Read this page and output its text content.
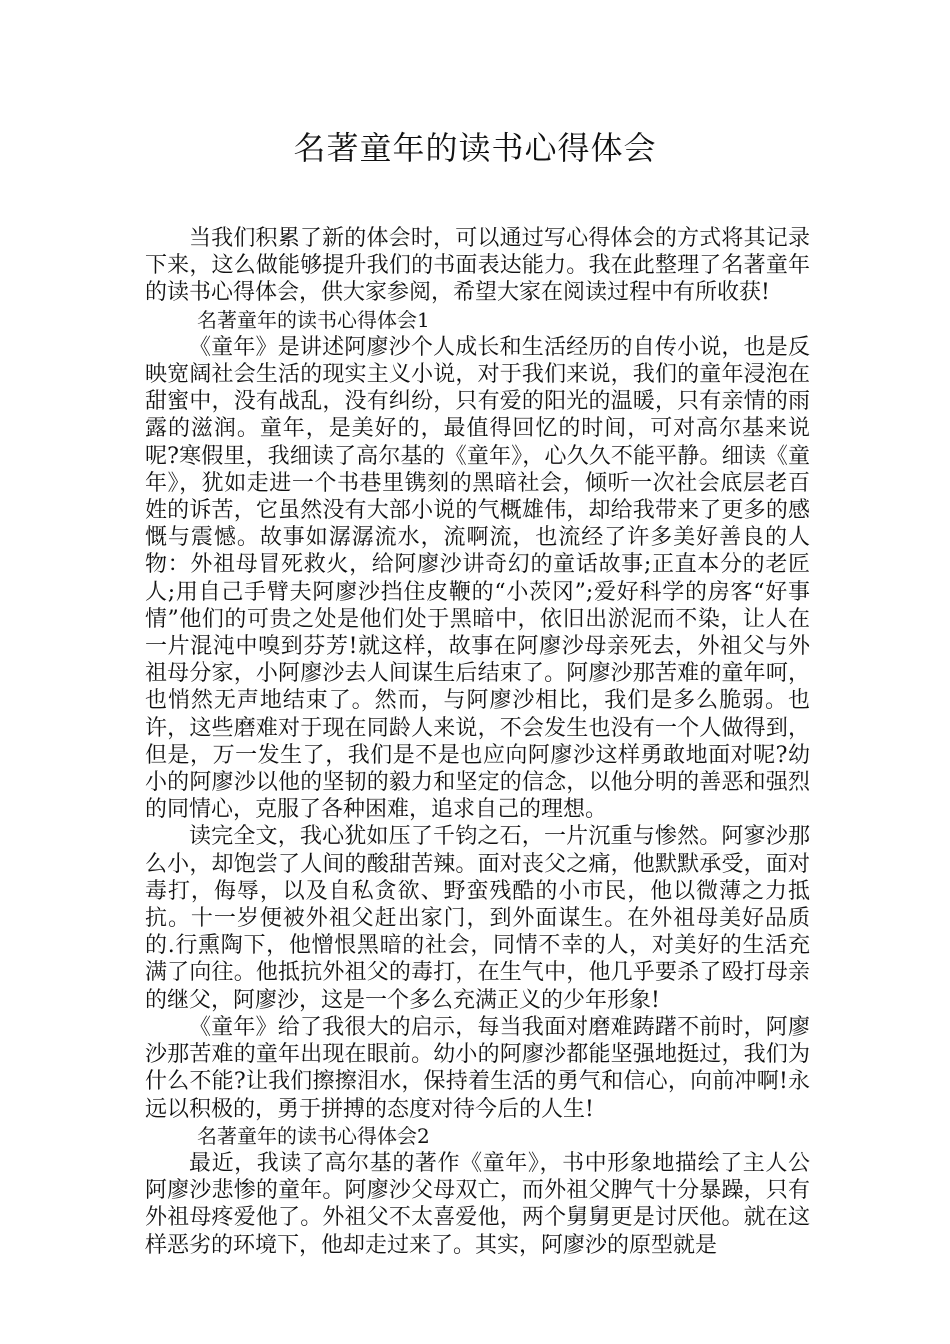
名著童年的读书心得体会

当我们积累了新的体会时，可以通过写心得体会的方式将其记录下来，这么做能够提升我们的书面表达能力。我在此整理了名著童年的读书心得体会，供大家参阅，希望大家在阅读过程中有所收获!

名著童年的读书心得体会1

《童年》是讲述阿廖沙个人成长和生活经历的自传小说，也是反映宽阔社会生活的现实主义小说，对于我们来说，我们的童年浸泡在甜蜜中，没有战乱，没有纠纷，只有爱的阳光的温暖，只有亲情的雨露的滋润。童年，是美好的，最值得回忆的时间，可对高尔基来说呢?寒假里，我细读了高尔基的《童年》，心久久不能平静。细读《童年》，犹如走进一个书巷里镌刻的黑暗社会，倾听一次社会底层老百姓的诉苦，它虽然没有大部小说的气概雄伟，却给我带来了更多的感慨与震憾。故事如潺潺流水，流啊流，也流经了许多美好善良的人物：外祖母冒死救火，给阿廖沙讲奇幻的童话故事;正直本分的老匠人;用自己手臂夫阿廖沙挡住皮鞭的“小茨冈”;爱好科学的房客“好事情”他们的可贵之处是他们处于黑暗中，依旧出淤泥而不染，让人在一片混沌中嗅到芬芳!就这样，故事在阿廖沙母亲死去，外祖父与外祖母分家，小阿廖沙去人间谋生后结束了。阿廖沙那苦难的童年呵，也悄然无声地结束了。然而，与阿廖沙相比，我们是多么脆弱。也许，这些磨难对于现在同龄人来说，不会发生也没有一个人做得到，但是，万一发生了，我们是不是也应向阿廖沙这样勇敢地面对呢?幼小的阿廖沙以他的坚韧的毅力和坚定的信念，以他分明的善恶和强烈的同情心，克服了各种困难，追求自己的理想。

读完全文，我心犹如压了千钧之石，一片沉重与惨然。阿寥沙那么小，却饱尝了人间的酸甜苦辣。面对丧父之痛，他默默承受，面对毒打，侮辱，以及自私贪欲、野蛮残酷的小市民，他以微薄之力抵抗。十一岁便被外祖父赶出家门，到外面谋生。在外祖母美好品质的.行熏陶下，他憎恨黑暗的社会，同情不幸的人，对美好的生活充满了向往。他抵抗外祖父的毒打，在生气中，他几乎要杀了殴打母亲的继父，阿廖沙，这是一个多么充满正义的少年形象!

《童年》给了我很大的启示，每当我面对磨难踌躇不前时，阿廖沙那苦难的童年出现在眼前。幼小的阿廖沙都能坚强地挺过，我们为什么不能?让我们擦擦泪水，保持着生活的勇气和信心，向前冲啊!永远以积极的，勇于拼搏的态度对待今后的人生!

名著童年的读书心得体会2

最近，我读了高尔基的著作《童年》，书中形象地描绘了主人公阿廖沙悲惨的童年。阿廖沙父母双亡，而外祖父脾气十分暴躁，只有外祖母疼爱他了。外祖父不太喜爱他，两个舅舅更是讨厌他。就在这样恶劣的环境下，他却走过来了。其实，阿廖沙的原型就是
